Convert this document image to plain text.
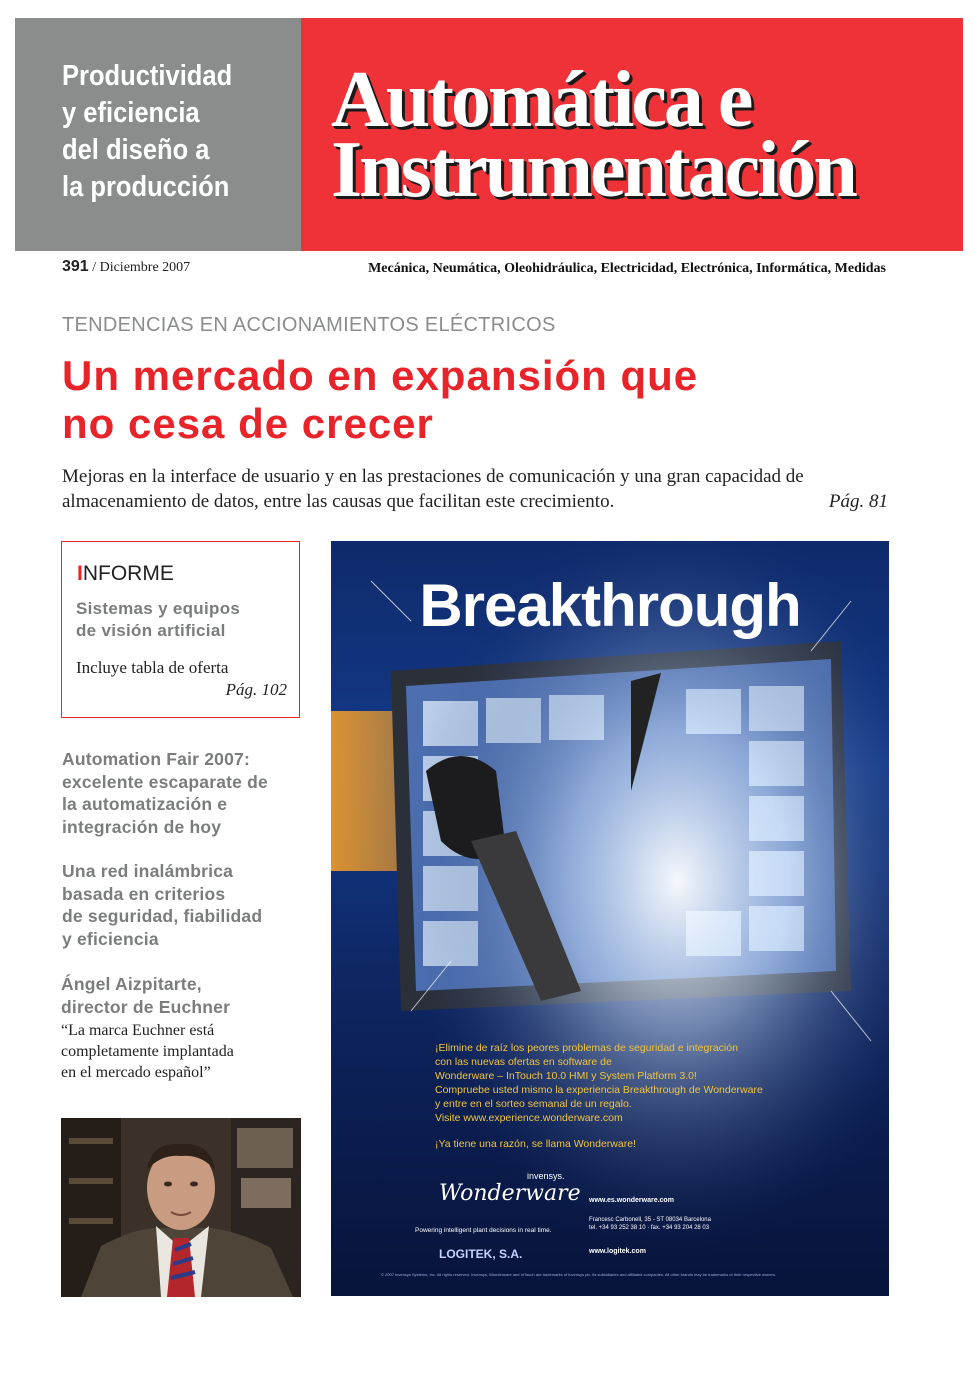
Productividad
y eficiencia
del diseño a
la producción
Automática e
Instrumentación
391 / Diciembre 2007	Mecánica, Neumática, Oleohidráulica, Electricidad, Electrónica, Informática, Medidas
TENDENCIAS EN ACCIONAMIENTOS ELÉCTRICOS
Un mercado en expansión que
no cesa de crecer
Mejoras en la interface de usuario y en las prestaciones de comunicación y una gran capacidad de almacenamiento de datos, entre las causas que facilitan este crecimiento.	Pág. 81
INFORME
Sistemas y equipos
de visión artificial
Incluye tabla de oferta
Pág. 102
Automation Fair 2007:
excelente escaparate de
la automatización e
integración de hoy
Una red inalámbrica
basada en criterios
de seguridad, fiabilidad
y eficiencia
Ángel Aizpitarte,
director de Euchner
“La marca Euchner está
completamente implantada
en el mercado español”
Breakthrough

¡Elimine de raíz los peores problemas de seguridad e integración

con las nuevas ofertas en software de

Wonderware – InTouch 10.0 HMI y System Platform 3.0!

Compruebe usted mismo la experiencia Breakthrough de Wonderware

y entre en el sorteo semanal de un regalo.

Visite www.experience.wonderware.com

¡Ya tiene una razón, se llama Wonderware!
invensys.
Wonderware
Powering intelligent plant decisions in real time.
LOGITEK, S.A.
www.es.wonderware.com
Francesc Carbonell, 35 - ST 08034 Barcelona
tel. +34 93 252 38 10 · fax. +34 93 204 28 03
www.logitek.com
© 2007 Invensys Systems, Inc. All rights reserved. Invensys, Wonderware and InTouch are trademarks of Invensys plc, its subsidiaries and affiliated companies. All other brands may be trademarks of their respective owners.
